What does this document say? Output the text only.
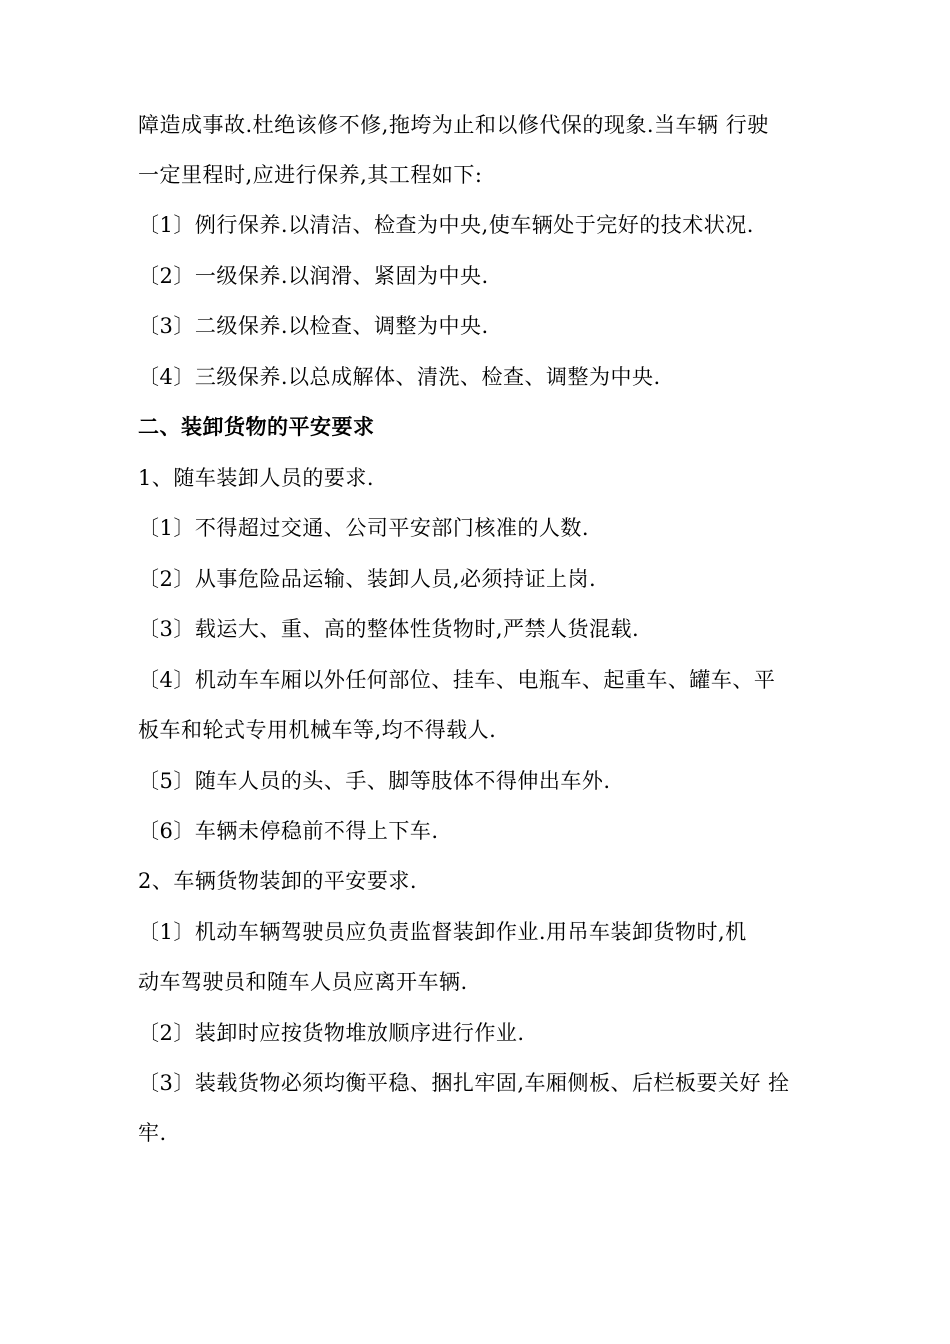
障造成事故.杜绝该修不修,拖垮为止和以修代保的现象.当车辆 行驶
一定里程时,应进行保养,其工程如下:
〔1〕例行保养.以清洁、检查为中央,使车辆处于完好的技术状况.
〔2〕一级保养.以润滑、紧固为中央.
〔3〕二级保养.以检查、调整为中央.
〔4〕三级保养.以总成解体、清洗、检查、调整为中央.
二、装卸货物的平安要求
1、随车装卸人员的要求.
〔1〕不得超过交通、公司平安部门核准的人数.
〔2〕从事危险品运输、装卸人员,必须持证上岗.
〔3〕载运大、重、高的整体性货物时,严禁人货混载.
〔4〕机动车车厢以外任何部位、挂车、电瓶车、起重车、罐车、平
板车和轮式专用机械车等,均不得载人.
〔5〕随车人员的头、手、脚等肢体不得伸出车外.
〔6〕车辆未停稳前不得上下车.
2、车辆货物装卸的平安要求.
〔1〕机动车辆驾驶员应负责监督装卸作业.用吊车装卸货物时,机
动车驾驶员和随车人员应离开车辆.
〔2〕装卸时应按货物堆放顺序进行作业.
〔3〕装载货物必须均衡平稳、捆扎牢固,车厢侧板、后栏板要关好 拴
牢.
